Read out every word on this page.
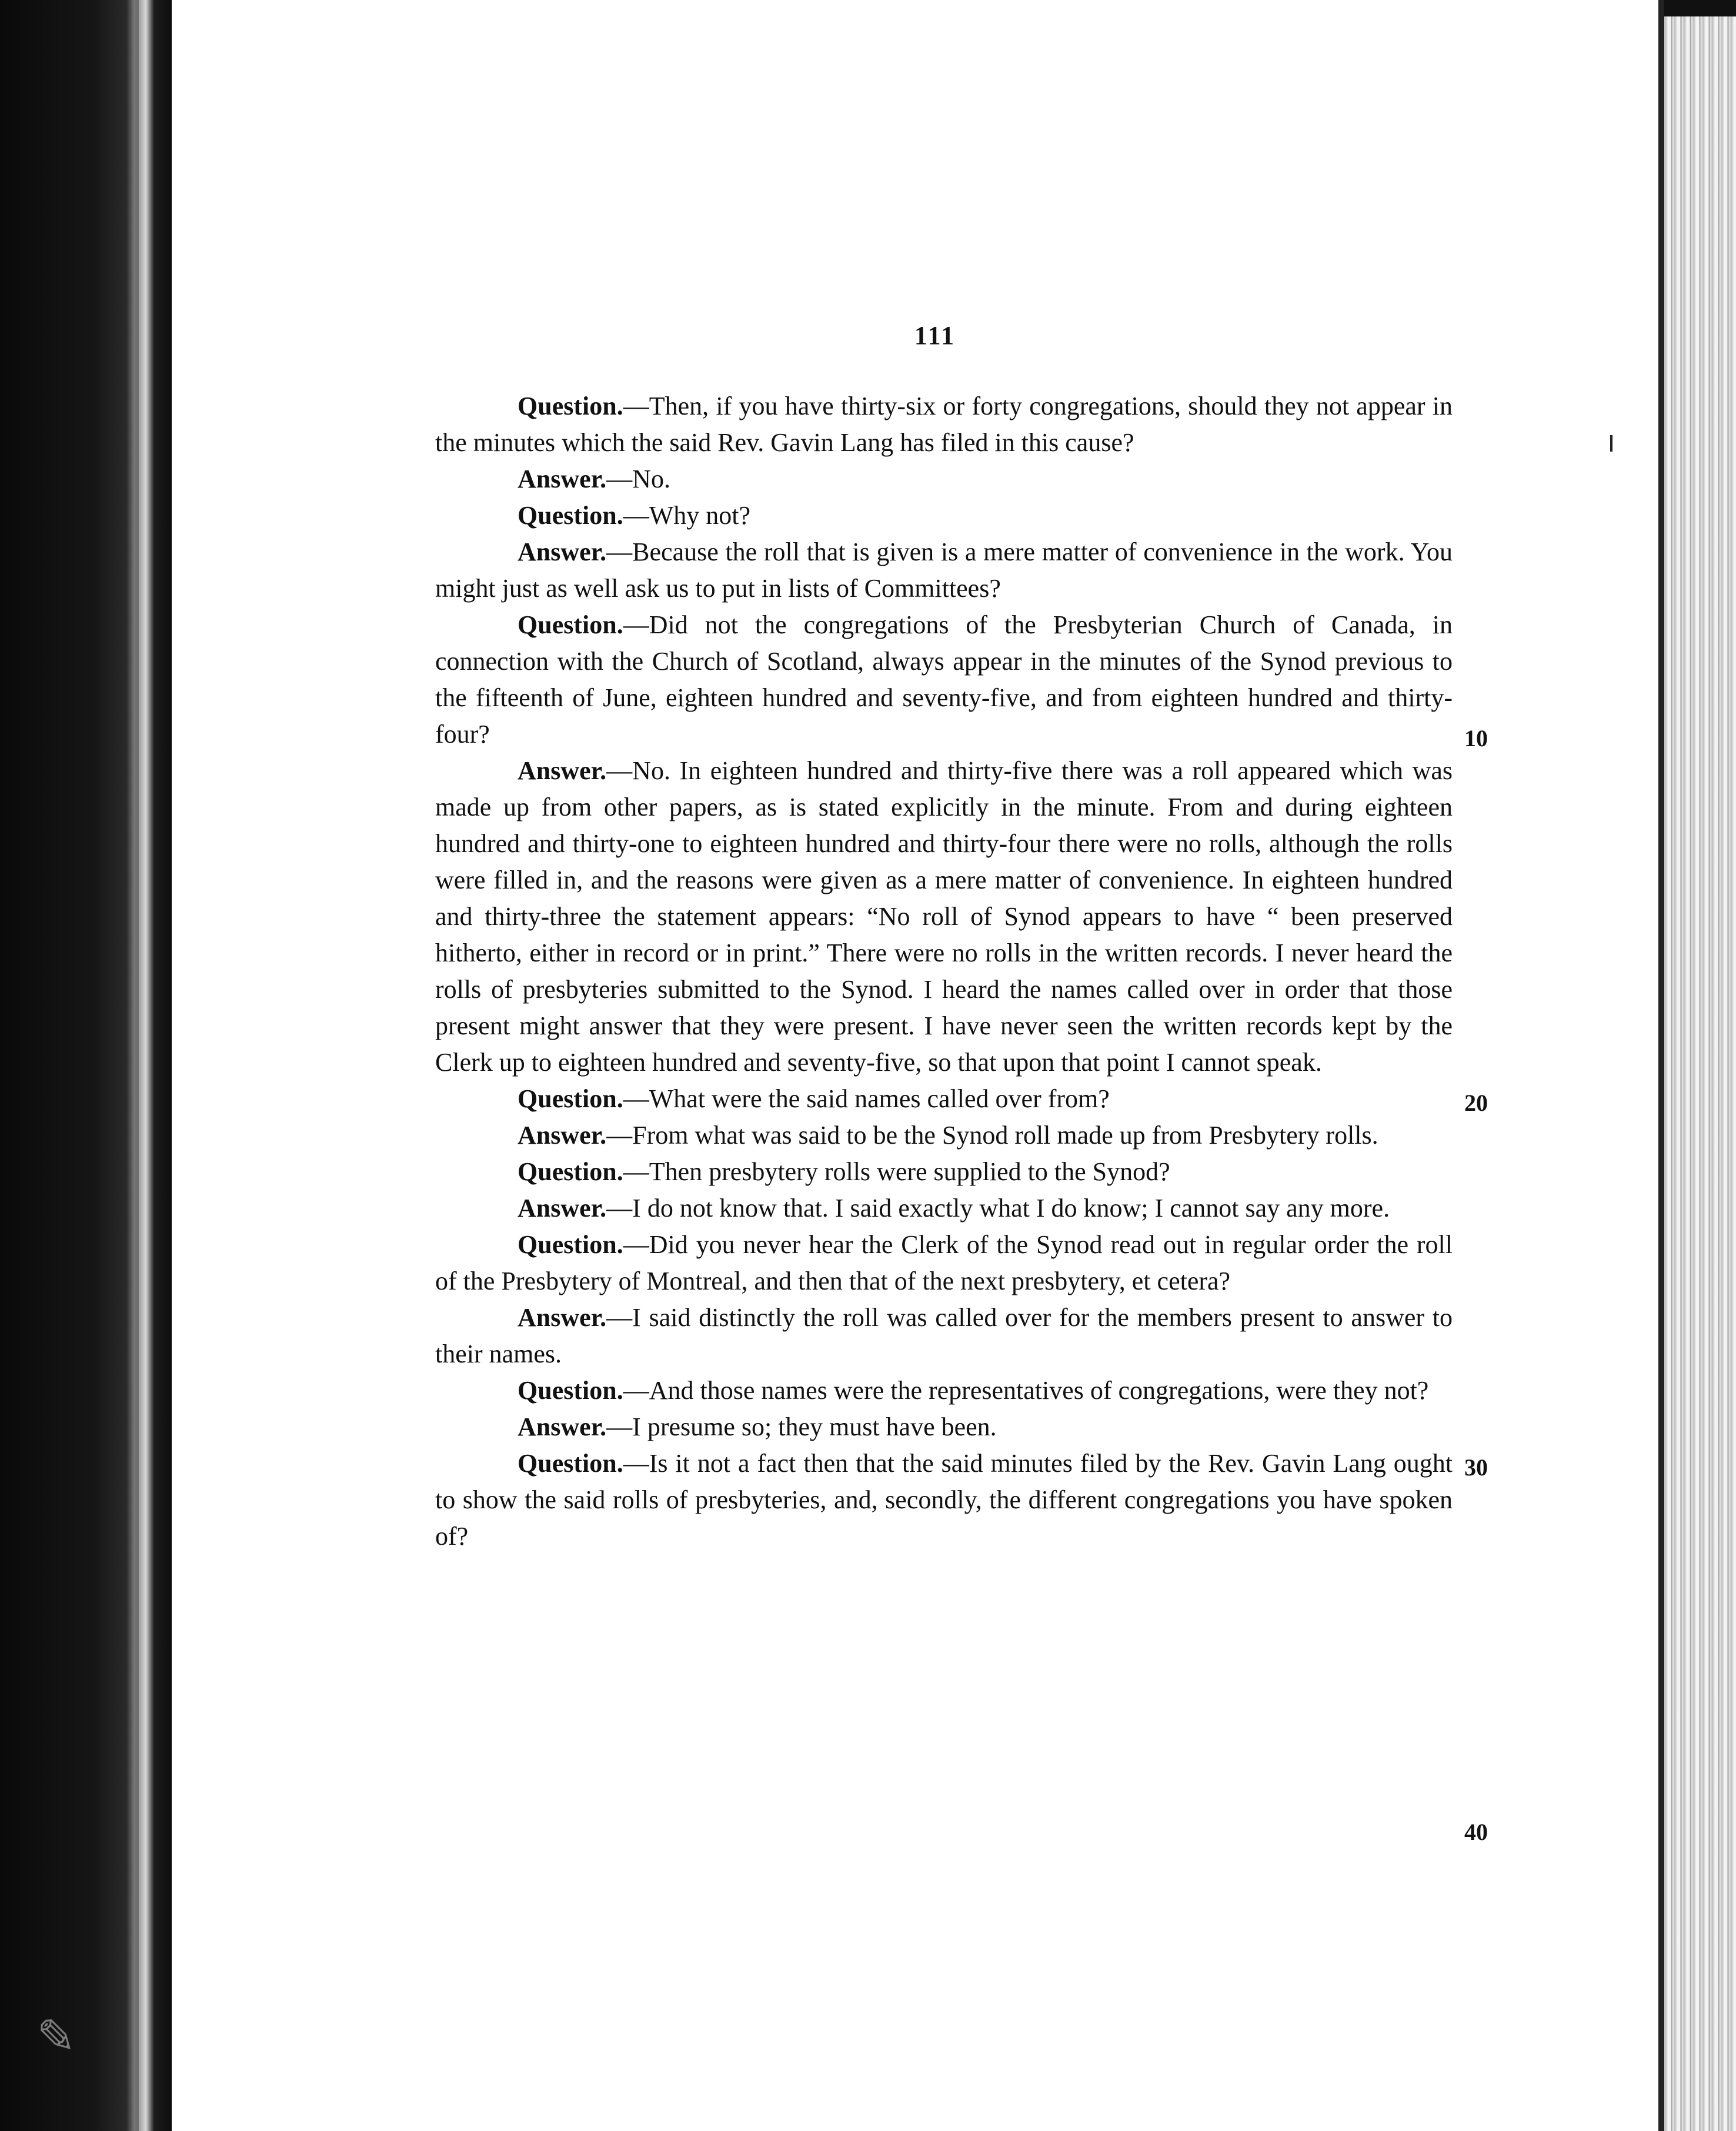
✎
111

Question.—Then, if you have thirty-six or forty congregations, should they not appear in the minutes which the said Rev. Gavin Lang has filed in this cause?

Answer.—No.

Question.—Why not?

Answer.—Because the roll that is given is a mere matter of convenience in the work. You might just as well ask us to put in lists of Committees?

Question.—Did not the congregations of the Presbyterian Church of Canada, in connection with the Church of Scotland, always appear in the minutes of the Synod previous to the fifteenth of June, eighteen hundred and seventy-five, and from eighteen hundred and thirty-four?

Answer.—No. In eighteen hundred and thirty-five there was a roll appeared which was made up from other papers, as is stated explicitly in the minute. From and during eighteen hundred and thirty-one to eighteen hundred and thirty-four there were no rolls, although the rolls were filled in, and the reasons were given as a mere matter of convenience. In eighteen hundred and thirty-three the statement appears: “No roll of Synod appears to have “ been preserved hitherto, either in record or in print.” There were no rolls in the written records. I never heard the rolls of presbyteries submitted to the Synod. I heard the names called over in order that those present might answer that they were present. I have never seen the written records kept by the Clerk up to eighteen hundred and seventy-five, so that upon that point I cannot speak.

Question.—What were the said names called over from?

Answer.—From what was said to be the Synod roll made up from Presbytery rolls.

Question.—Then presbytery rolls were supplied to the Synod?

Answer.—I do not know that. I said exactly what I do know; I cannot say any more.

Question.—Did you never hear the Clerk of the Synod read out in regular order the roll of the Presbytery of Montreal, and then that of the next presbytery, et cetera?

Answer.—I said distinctly the roll was called over for the members present to answer to their names.

Question.—And those names were the representatives of congregations, were they not?

Answer.—I presume so; they must have been.

Question.—Is it not a fact then that the said minutes filed by the Rev. Gavin Lang ought to show the said rolls of presbyteries, and, secondly, the different congregations you have spoken of?

10
20
30
40
